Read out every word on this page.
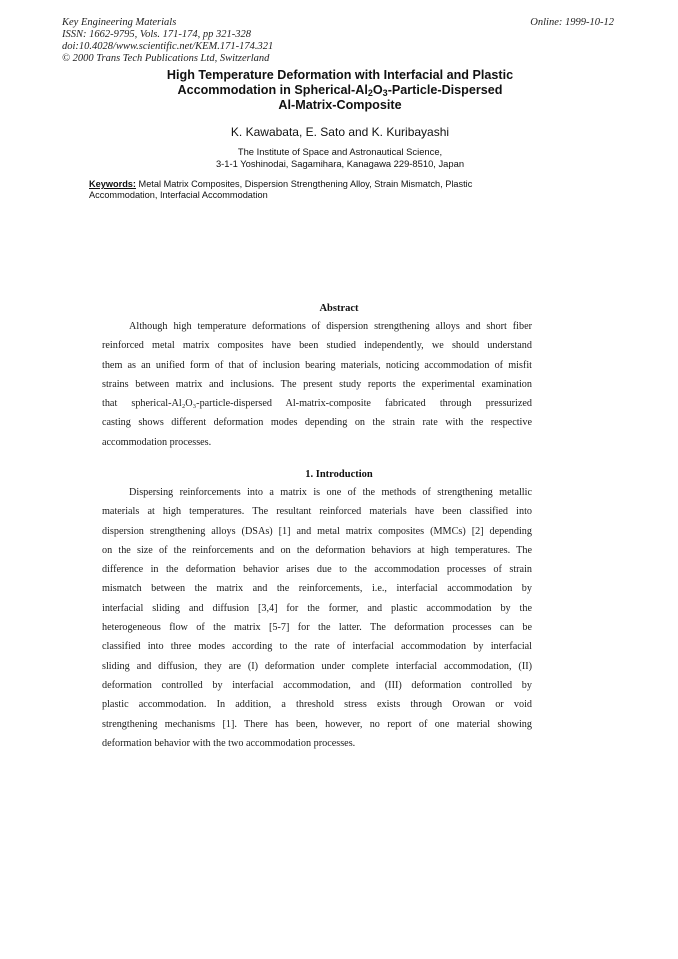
Key Engineering Materials
ISSN: 1662-9795, Vols. 171-174, pp 321-328
doi:10.4028/www.scientific.net/KEM.171-174.321
© 2000 Trans Tech Publications Ltd, Switzerland
Online: 1999-10-12
High Temperature Deformation with Interfacial and Plastic
Accommodation in Spherical-$Al_2O_3-Particle$-Dispersed
Al-Matrix-Composite
K. Kawabata, E. Sato and K. Kuribayashi
The Institute of Space and Astronautical Science,
3-1-1 Yoshinodai, Sagamihara, Kanagawa 229-8510, Japan
Keywords: Metal Matrix Composites, Dispersion Strengthening Alloy, Strain Mismatch, Plastic
Accommodation, Interfacial Accommodation
Abstract
Although high temperature deformations of dispersion strengthening alloys and short fiber
reinforced metal matrix composites have been studied independently, we should understand
them as an unified form of that of inclusion bearing materials, noticing accommodation of misfit
strains between matrix and inclusions. The present study reports the experimental examination
that spherical-Al₂O₃-particle-dispersed Al-matrix-composite fabricated through pressurized
casting shows different deformation modes depending on the strain rate with the respective
accommodation processes.
1. Introduction
Dispersing reinforcements into a matrix is one of the methods of strengthening metallic
materials at high temperatures. The resultant reinforced materials have been classified into
dispersion strengthening alloys (DSAs) [1] and metal matrix composites (MMCs) [2] depending
on the size of the reinforcements and on the deformation behaviors at high temperatures. The
difference in the deformation behavior arises due to the accommodation processes of strain
mismatch between the matrix and the reinforcements, i.e., interfacial accommodation by
interfacial sliding and diffusion [3,4] for the former, and plastic accommodation by the
heterogeneous flow of the matrix [5-7] for the latter. The deformation processes can be
classified into three modes according to the rate of interfacial accommodation by interfacial
sliding and diffusion, they are (I) deformation under complete interfacial accommodation, (II)
deformation controlled by interfacial accommodation, and (III) deformation controlled by
plastic accommodation. In addition, a threshold stress exists through Orowan or void
strengthening mechanisms [1]. There has been, however, no report of one material showing
deformation behavior with the two accommodation processes.
